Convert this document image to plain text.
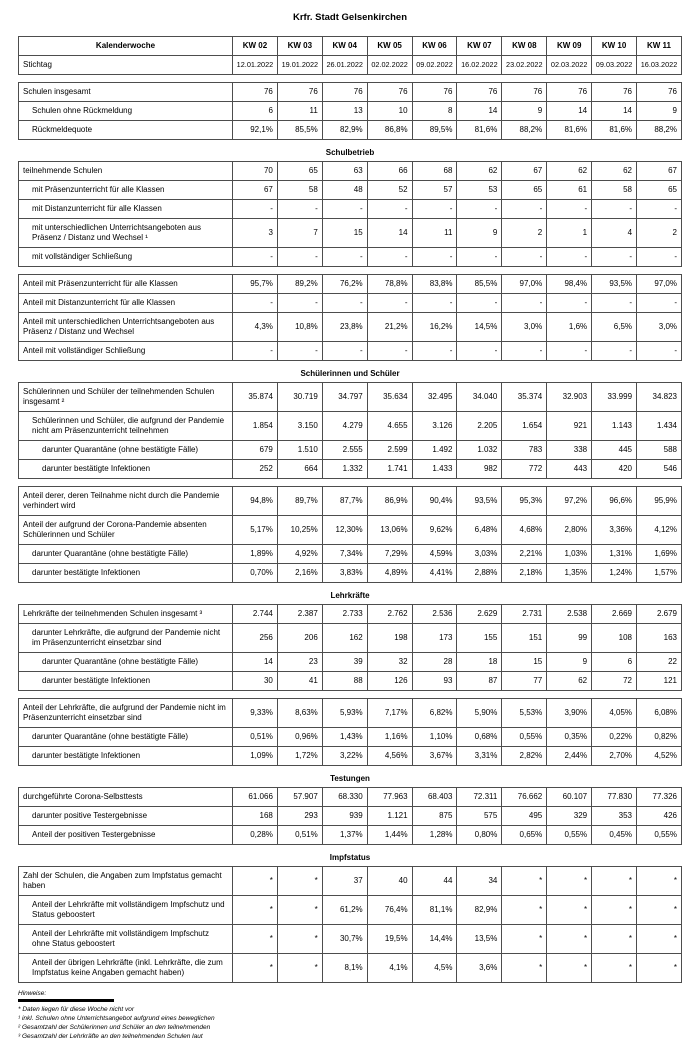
Krfr. Stadt Gelsenkirchen
Kalenderwoche	KW 02	KW 03	KW 04	KW 05	KW 06	KW 07	KW 08	KW 09	KW 10	KW 11
Stichtag	12.01.2022	19.01.2022	26.01.2022	02.02.2022	09.02.2022	16.02.2022	23.02.2022	02.03.2022	09.03.2022	16.03.2022
Schulen insgesamt	76	76	76	76	76	76	76	76	76	76
Schulen ohne Rückmeldung	6	11	13	10	8	14	9	14	14	9
Rückmeldequote	92,1%	85,5%	82,9%	86,8%	89,5%	81,6%	88,2%	81,6%	81,6%	88,2%
Schulbetrieb
teilnehmende Schulen	70	65	63	66	68	62	67	62	62	67
mit Präsenzunterricht für alle Klassen	67	58	48	52	57	53	65	61	58	65
mit Distanzunterricht für alle Klassen	-	-	-	-	-	-	-	-	-	-
mit unterschiedlichen Unterrichtsangeboten aus Präsenz / Distanz und Wechsel ¹	3	7	15	14	11	9	2	1	4	2
mit vollständiger Schließung	-	-	-	-	-	-	-	-	-	-
Anteil mit Präsenzunterricht für alle Klassen	95,7%	89,2%	76,2%	78,8%	83,8%	85,5%	97,0%	98,4%	93,5%	97,0%
Anteil mit Distanzunterricht für alle Klassen	-	-	-	-	-	-	-	-	-	-
Anteil mit unterschiedlichen Unterrichtsangeboten aus Präsenz / Distanz und Wechsel	4,3%	10,8%	23,8%	21,2%	16,2%	14,5%	3,0%	1,6%	6,5%	3,0%
Anteil mit vollständiger Schließung	-	-	-	-	-	-	-	-	-	-
Schülerinnen und Schüler
Schülerinnen und Schüler der teilnehmenden Schulen insgesamt ²	35.874	30.719	34.797	35.634	32.495	34.040	35.374	32.903	33.999	34.823
Schülerinnen und Schüler, die aufgrund der Pandemie nicht am Präsenzunterricht teilnehmen	1.854	3.150	4.279	4.655	3.126	2.205	1.654	921	1.143	1.434
darunter Quarantäne (ohne bestätigte Fälle)	679	1.510	2.555	2.599	1.492	1.032	783	338	445	588
darunter bestätigte Infektionen	252	664	1.332	1.741	1.433	982	772	443	420	546
Anteil derer, deren Teilnahme nicht durch die Pandemie verhindert wird	94,8%	89,7%	87,7%	86,9%	90,4%	93,5%	95,3%	97,2%	96,6%	95,9%
Anteil der aufgrund der Corona-Pandemie absenten Schülerinnen und Schüler	5,17%	10,25%	12,30%	13,06%	9,62%	6,48%	4,68%	2,80%	3,36%	4,12%
darunter Quarantäne (ohne bestätigte Fälle)	1,89%	4,92%	7,34%	7,29%	4,59%	3,03%	2,21%	1,03%	1,31%	1,69%
darunter bestätigte Infektionen	0,70%	2,16%	3,83%	4,89%	4,41%	2,88%	2,18%	1,35%	1,24%	1,57%
Lehrkräfte
Lehrkräfte der teilnehmenden Schulen insgesamt ³	2.744	2.387	2.733	2.762	2.536	2.629	2.731	2.538	2.669	2.679
darunter Lehrkräfte, die aufgrund der Pandemie nicht im Präsenzunterricht einsetzbar sind	256	206	162	198	173	155	151	99	108	163
darunter Quarantäne (ohne bestätigte Fälle)	14	23	39	32	28	18	15	9	6	22
darunter bestätigte Infektionen	30	41	88	126	93	87	77	62	72	121
Anteil der Lehrkräfte, die aufgrund der Pandemie nicht im Präsenzunterricht einsetzbar sind	9,33%	8,63%	5,93%	7,17%	6,82%	5,90%	5,53%	3,90%	4,05%	6,08%
darunter Quarantäne (ohne bestätigte Fälle)	0,51%	0,96%	1,43%	1,16%	1,10%	0,68%	0,55%	0,35%	0,22%	0,82%
darunter bestätigte Infektionen	1,09%	1,72%	3,22%	4,56%	3,67%	3,31%	2,82%	2,44%	2,70%	4,52%
Testungen
durchgeführte Corona-Selbsttests	61.066	57.907	68.330	77.963	68.403	72.311	76.662	60.107	77.830	77.326
darunter positive Testergebnisse	168	293	939	1.121	875	575	495	329	353	426
Anteil der positiven Testergebnisse	0,28%	0,51%	1,37%	1,44%	1,28%	0,80%	0,65%	0,55%	0,45%	0,55%
Impfstatus
Zahl der Schulen, die Angaben zum Impfstatus gemacht haben	*	*	37	40	44	34	*	*	*	*
Anteil der Lehrkräfte mit vollständigem Impfschutz und Status geboostert	*	*	61,2%	76,4%	81,1%	82,9%	*	*	*	*
Anteil der Lehrkräfte mit vollständigem Impfschutz ohne Status geboostert	*	*	30,7%	19,5%	14,4%	13,5%	*	*	*	*
Anteil der übrigen Lehrkräfte (inkl. Lehrkräfte, die zum Impfstatus keine Angaben gemacht haben)	*	*	8,1%	4,1%	4,5%	3,6%	*	*	*	*
Hinweise:
* Daten liegen für diese Woche nicht vor
¹ inkl. Schulen ohne Unterrichtsangebot aufgrund eines beweglichen
² Gesamtzahl der Schülerinnen und Schüler an den teilnehmenden
³ Gesamtzahl der Lehrkräfte an den teilnehmenden Schulen laut
